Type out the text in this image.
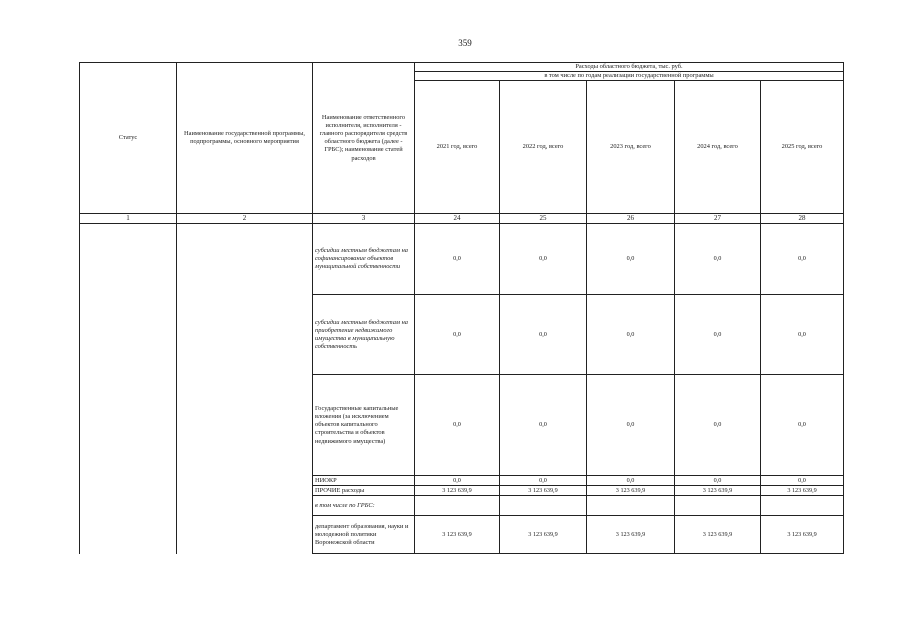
359
Статус	Наименование государственной программы, подпрограммы, основного мероприятия	Наименование ответственного исполнителя, исполнителя - главного распорядителя средств областного бюджета (далее - ГРБС); наименование статей расходов	Расходы областного бюджета, тыс. руб.				
			в том числе по годам реализации государственной программы				
			2021 год, всего	2022 год, всего	2023 год, всего	2024 год, всего	2025 год, всего
1	2	3	24	25	26	27	28
		субсидии местным бюджетам на софинансирование объектов муниципальной собственности	0,0	0,0	0,0	0,0	0,0
		субсидии местным бюджетам на приобретение недвижимого имущества в муниципальную собственность	0,0	0,0	0,0	0,0	0,0
		Государственные капитальные вложения (за исключением объектов капитального строительства и объектов недвижимого имущества)	0,0	0,0	0,0	0,0	0,0
		НИОКР	0,0	0,0	0,0	0,0	0,0
		ПРОЧИЕ расходы	3 123 639,9	3 123 639,9	3 123 639,9	3 123 639,9	3 123 639,9
		в том числе по ГРБС:					
		департамент образования, науки и молодежной политики Воронежской области	3 123 639,9	3 123 639,9	3 123 639,9	3 123 639,9	3 123 639,9
